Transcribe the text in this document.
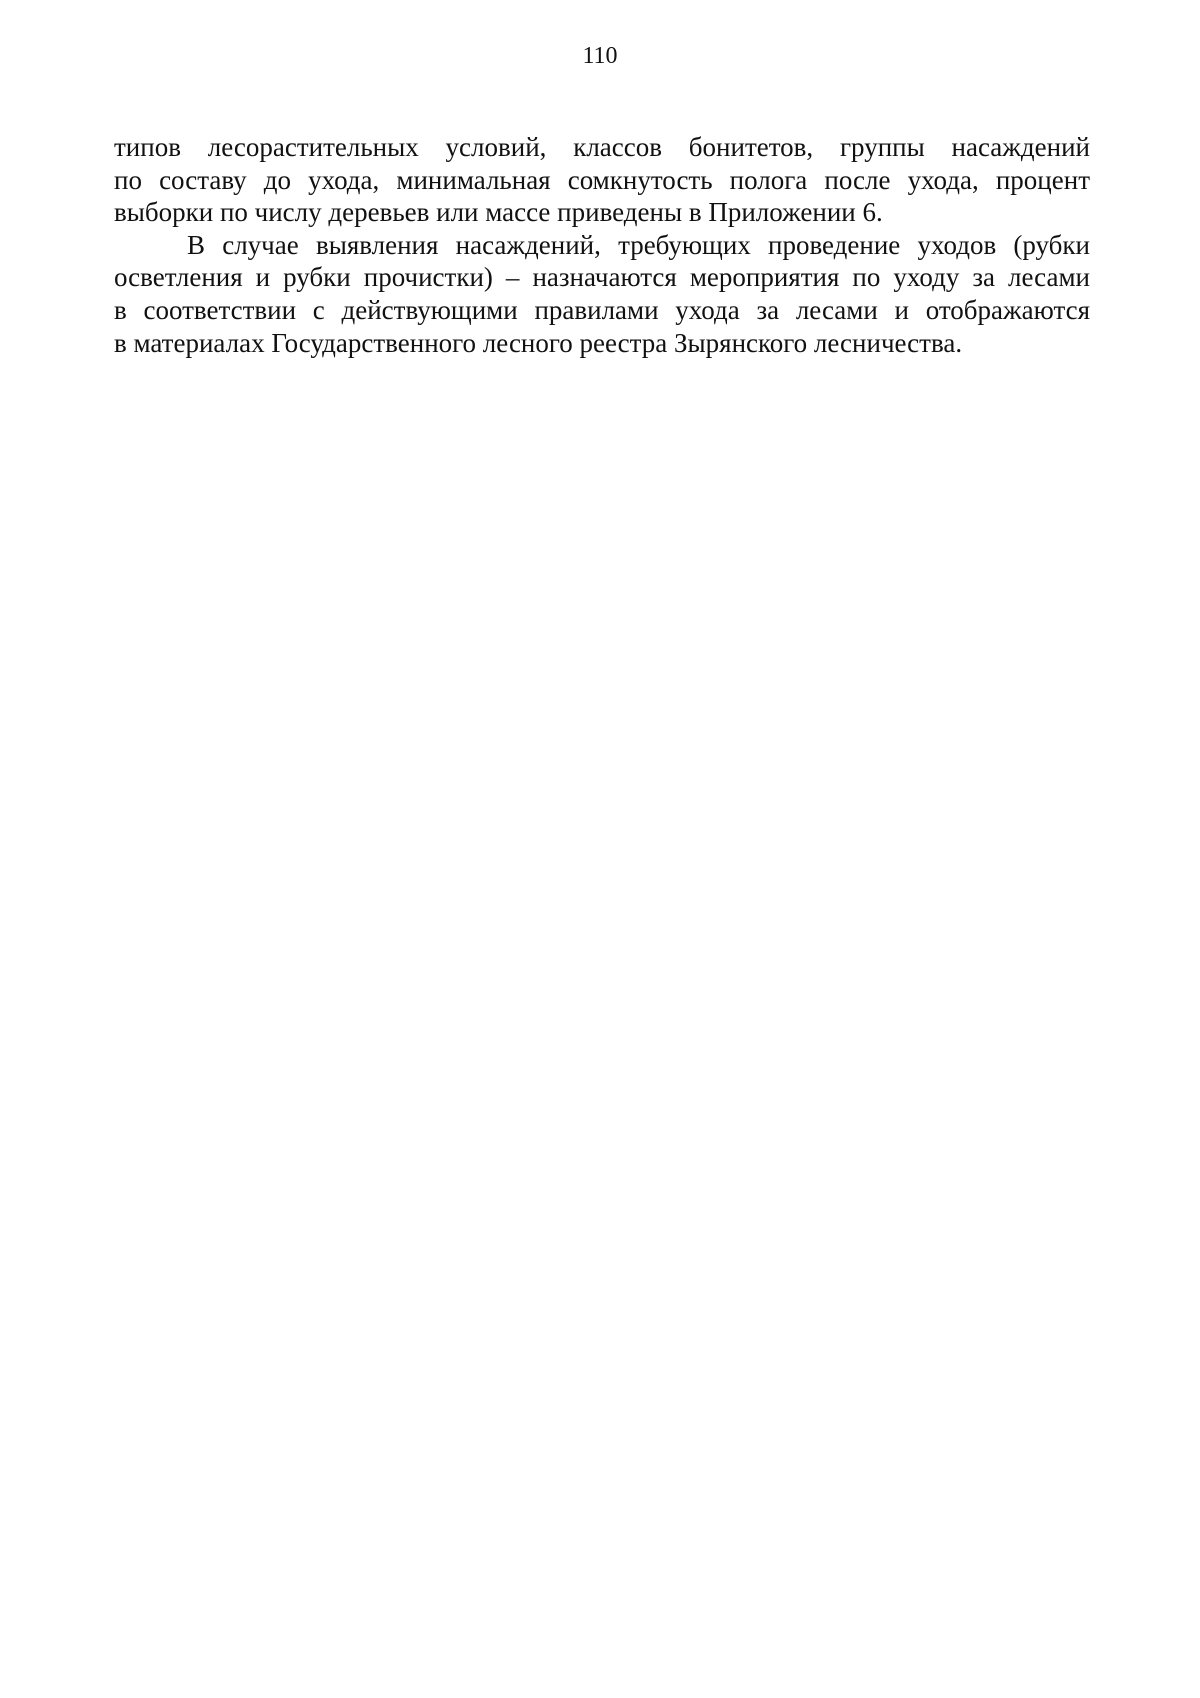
110

типов лесорастительных условий, классов бонитетов, группы насаждений
по составу до ухода, минимальная сомкнутость полога после ухода, процент
выборки по числу деревьев или массе приведены в Приложении 6.

В случае выявления насаждений, требующих проведение уходов (рубки
осветления и рубки прочистки) – назначаются мероприятия по уходу за лесами
в соответствии с действующими правилами ухода за лесами и отображаются
в материалах Государственного лесного реестра Зырянского лесничества.
